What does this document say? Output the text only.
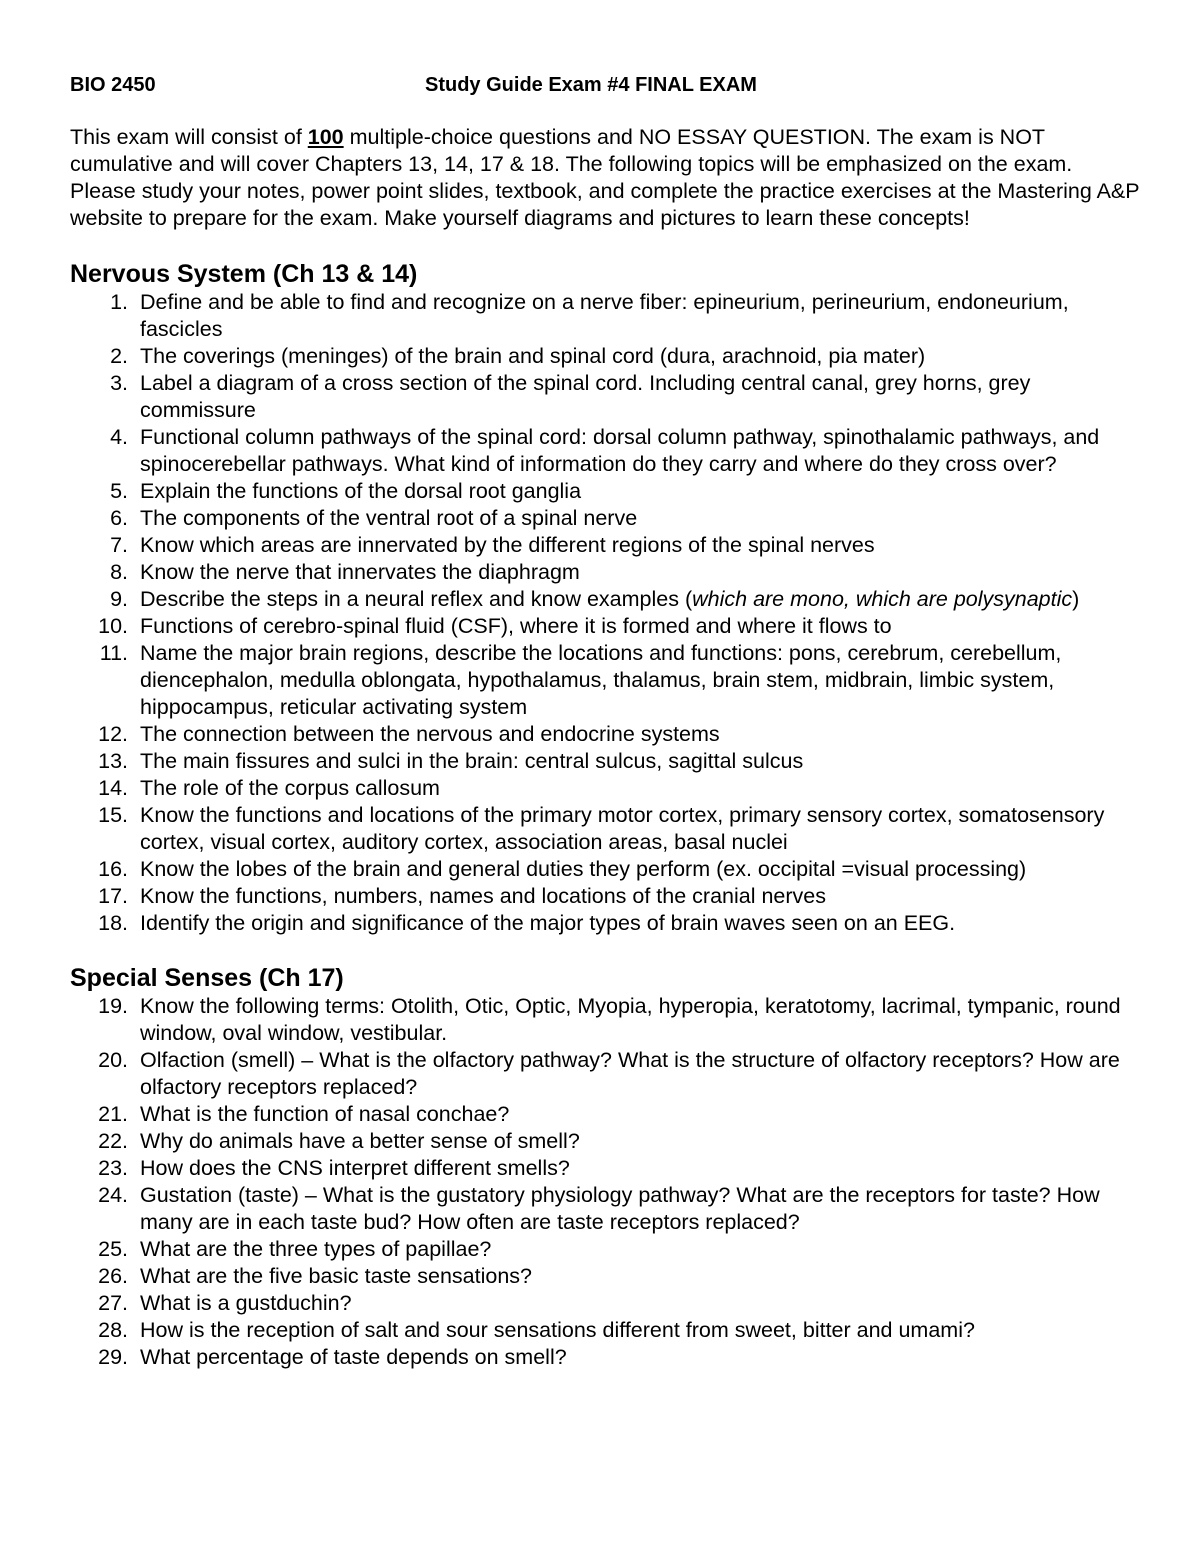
BIO 2450	Study Guide Exam #4 FINAL EXAM
This exam will consist of 100 multiple-choice questions and NO ESSAY QUESTION. The exam is NOT cumulative and will cover Chapters 13, 14, 17 & 18. The following topics will be emphasized on the exam. Please study your notes, power point slides, textbook, and complete the practice exercises at the Mastering A&P website to prepare for the exam. Make yourself diagrams and pictures to learn these concepts!
Nervous System (Ch 13 & 14)
1. Define and be able to find and recognize on a nerve fiber: epineurium, perineurium, endoneurium, fascicles
2. The coverings (meninges) of the brain and spinal cord (dura, arachnoid, pia mater)
3. Label a diagram of a cross section of the spinal cord. Including central canal, grey horns, grey commissure
4. Functional column pathways of the spinal cord: dorsal column pathway, spinothalamic pathways, and spinocerebellar pathways. What kind of information do they carry and where do they cross over?
5. Explain the functions of the dorsal root ganglia
6. The components of the ventral root of a spinal nerve
7. Know which areas are innervated by the different regions of the spinal nerves
8. Know the nerve that innervates the diaphragm
9. Describe the steps in a neural reflex and know examples (which are mono, which are polysynaptic)
10. Functions of cerebro-spinal fluid (CSF), where it is formed and where it flows to
11. Name the major brain regions, describe the locations and functions: pons, cerebrum, cerebellum, diencephalon, medulla oblongata, hypothalamus, thalamus, brain stem, midbrain, limbic system, hippocampus, reticular activating system
12. The connection between the nervous and endocrine systems
13. The main fissures and sulci in the brain: central sulcus, sagittal sulcus
14. The role of the corpus callosum
15. Know the functions and locations of the primary motor cortex, primary sensory cortex, somatosensory cortex, visual cortex, auditory cortex, association areas, basal nuclei
16. Know the lobes of the brain and general duties they perform (ex. occipital =visual processing)
17. Know the functions, numbers, names and locations of the cranial nerves
18. Identify the origin and significance of the major types of brain waves seen on an EEG.
Special Senses (Ch 17)
19. Know the following terms: Otolith, Otic, Optic, Myopia, hyperopia, keratotomy, lacrimal, tympanic, round window, oval window, vestibular.
20. Olfaction (smell) – What is the olfactory pathway? What is the structure of olfactory receptors? How are olfactory receptors replaced?
21. What is the function of nasal conchae?
22. Why do animals have a better sense of smell?
23. How does the CNS interpret different smells?
24. Gustation (taste) – What is the gustatory physiology pathway? What are the receptors for taste? How many are in each taste bud? How often are taste receptors replaced?
25. What are the three types of papillae?
26. What are the five basic taste sensations?
27. What is a gustduchin?
28. How is the reception of salt and sour sensations different from sweet, bitter and umami?
29. What percentage of taste depends on smell?
